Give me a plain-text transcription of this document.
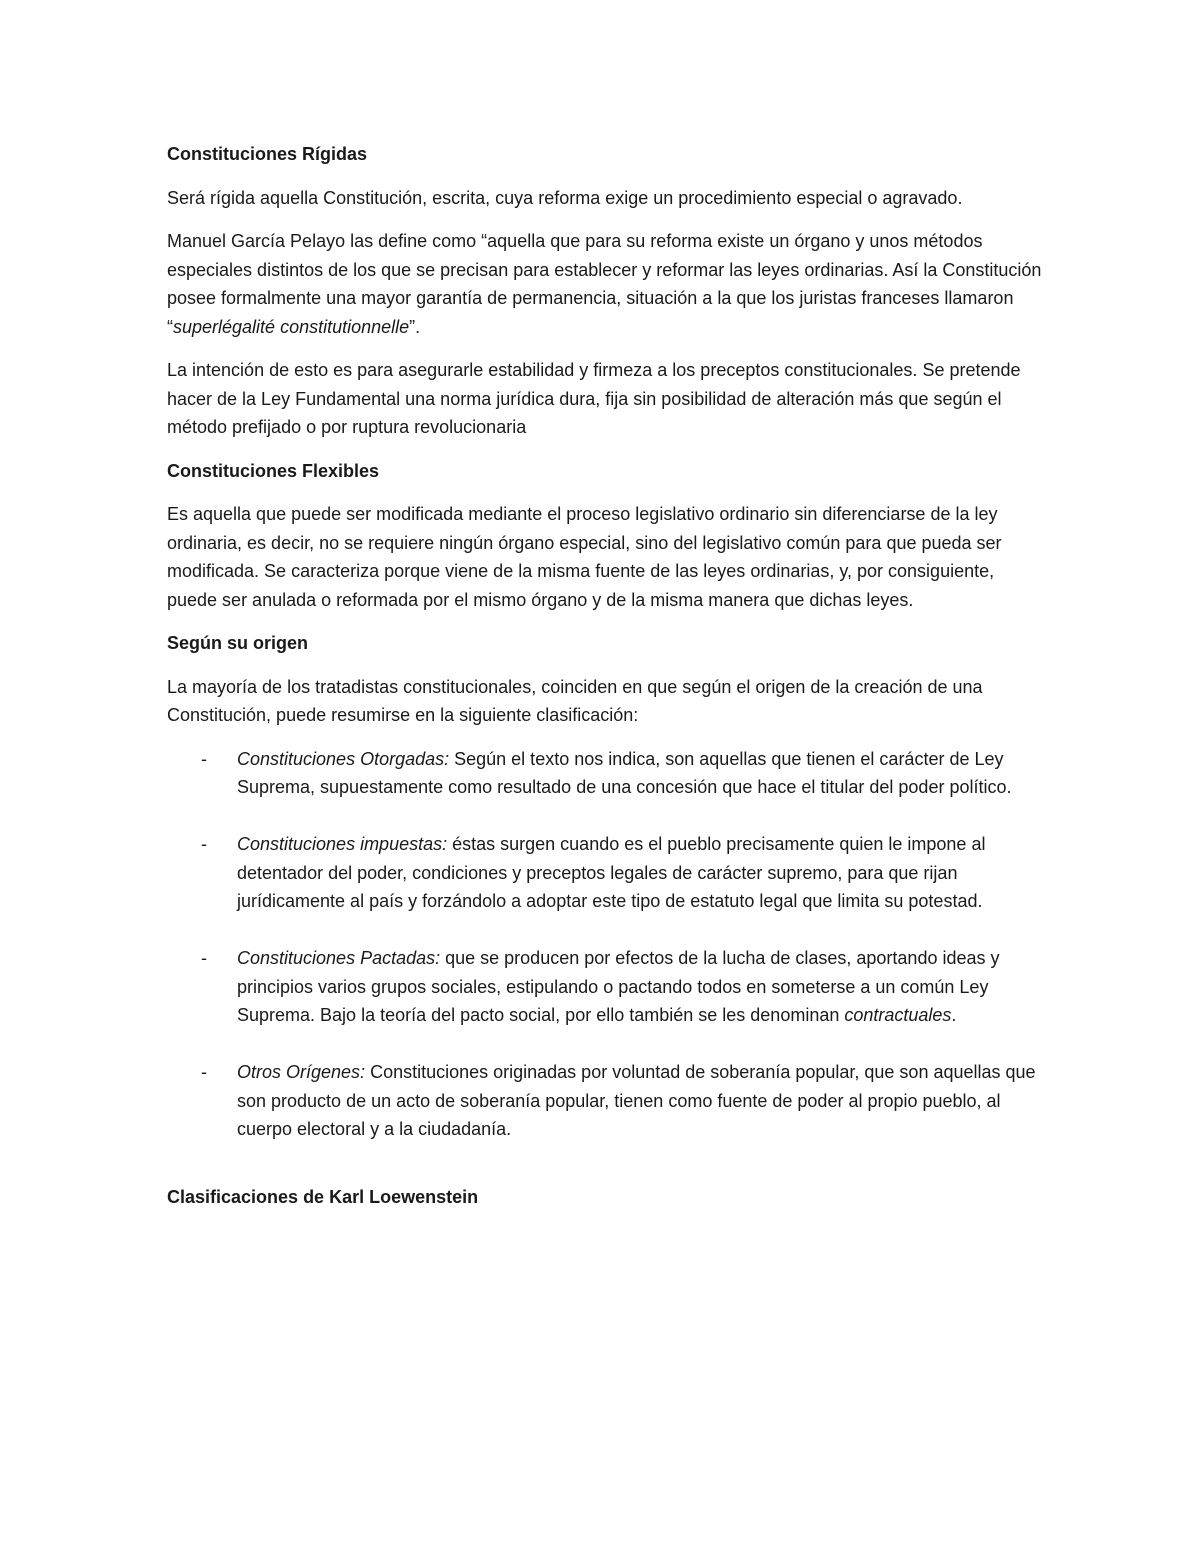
Constituciones Rígidas

Será rígida aquella Constitución, escrita, cuya reforma exige un procedimiento especial o agravado.

Manuel García Pelayo las define como “aquella que para su reforma existe un órgano y unos métodos especiales distintos de los que se precisan para establecer y reformar las leyes ordinarias. Así la Constitución posee formalmente una mayor garantía de permanencia, situación a la que los juristas franceses llamaron “superlégalité constitutionnelle”.

La intención de esto es para asegurarle estabilidad y firmeza a los preceptos constitucionales. Se pretende hacer de la Ley Fundamental una norma jurídica dura, fija sin posibilidad de alteración más que según el método prefijado o por ruptura revolucionaria

Constituciones Flexibles

Es aquella que puede ser modificada mediante el proceso legislativo ordinario sin diferenciarse de la ley ordinaria, es decir, no se requiere ningún órgano especial, sino del legislativo común para que pueda ser modificada. Se caracteriza porque viene de la misma fuente de las leyes ordinarias, y, por consiguiente, puede ser anulada o reformada por el mismo órgano y de la misma manera que dichas leyes.

Según su origen

La mayoría de los tratadistas constitucionales, coinciden en que según el origen de la creación de una Constitución, puede resumirse en la siguiente clasificación:

- Constituciones Otorgadas: Según el texto nos indica, son aquellas que tienen el carácter de Ley Suprema, supuestamente como resultado de una concesión que hace el titular del poder político.
- Constituciones impuestas: éstas surgen cuando es el pueblo precisamente quien le impone al detentador del poder, condiciones y preceptos legales de carácter supremo, para que rijan jurídicamente al país y forzándolo a adoptar este tipo de estatuto legal que limita su potestad.
- Constituciones Pactadas: que se producen por efectos de la lucha de clases, aportando ideas y principios varios grupos sociales, estipulando o pactando todos en someterse a un común Ley Suprema. Bajo la teoría del pacto social, por ello también se les denominan contractuales.
- Otros Orígenes: Constituciones originadas por voluntad de soberanía popular, que son aquellas que son producto de un acto de soberanía popular, tienen como fuente de poder al propio pueblo, al cuerpo electoral y a la ciudadanía.
Clasificaciones de Karl Loewenstein
